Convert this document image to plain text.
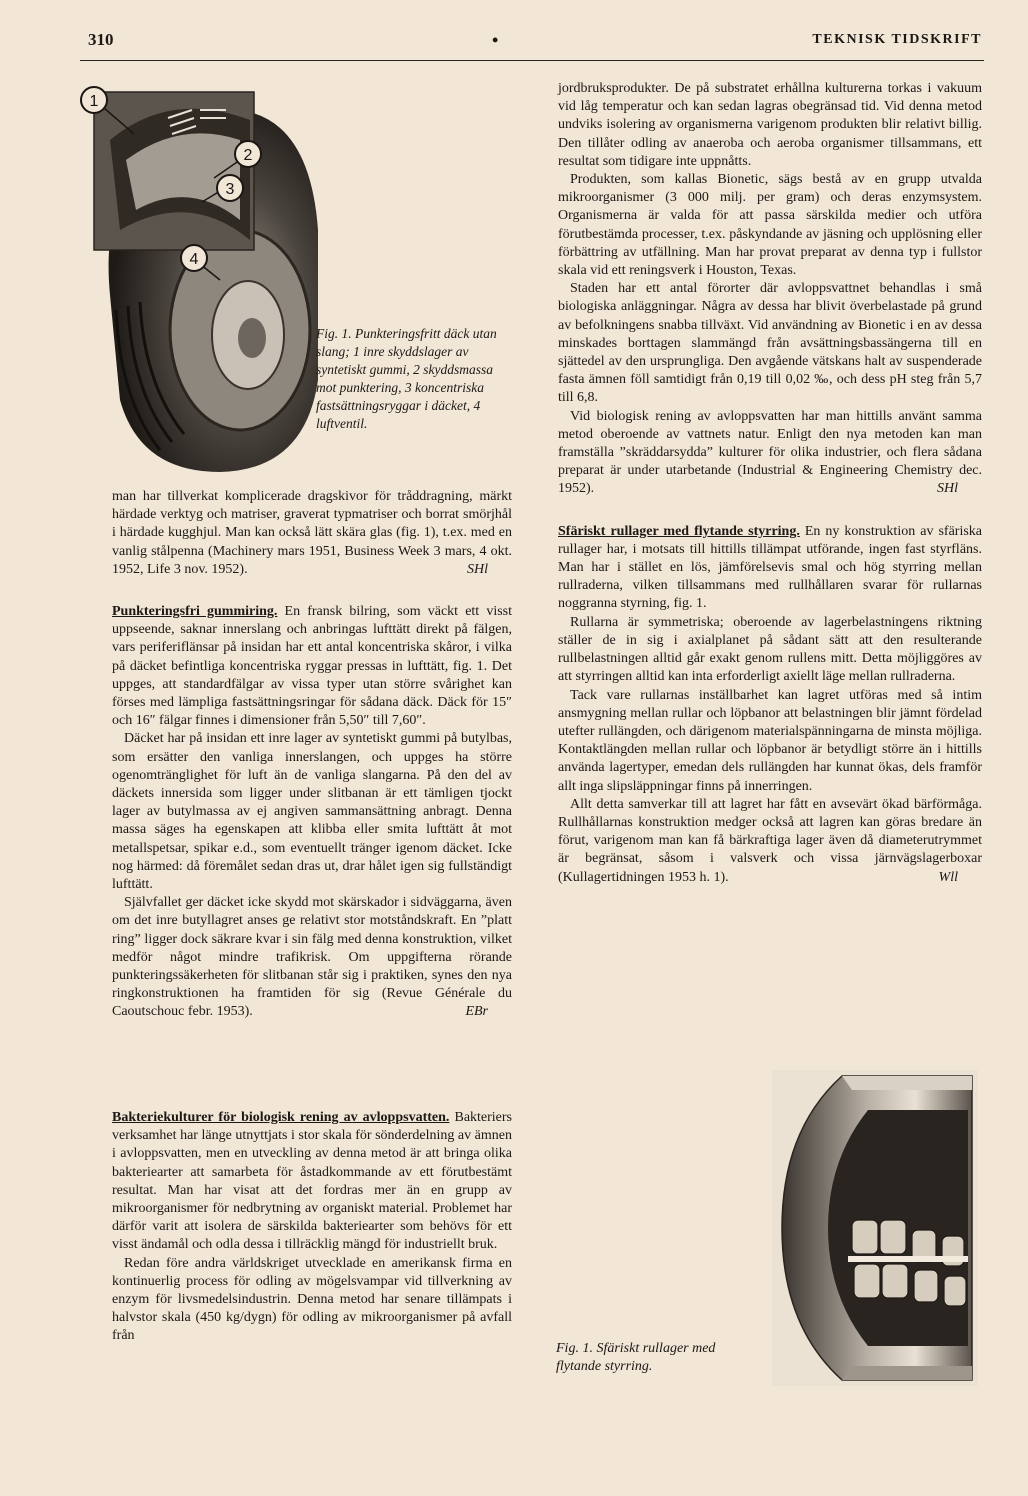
310	•	TEKNISK TIDSKRIFT
1
2
3
4
Fig. 1. Punkteringsfritt däck utan slang; 1 inre skyddslager av syntetiskt gummi, 2 skyddsmassa mot punktering, 3 koncentriska fastsättningsryggar i däcket, 4 luftventil.

man har tillverkat komplicerade dragskivor för tråddragning, märkt härdade verktyg och matriser, graverat typmatriser och borrat smörjhål i härdade kugghjul. Man kan också lätt skära glas (fig. 1), t.ex. med en vanlig stålpenna (Machinery mars 1951, Business Week 3 mars, 4 okt. 1952, Life 3 nov. 1952).	SHl

Punkteringsfri gummiring. En fransk bilring, som väckt ett visst uppseende, saknar innerslang och anbringas lufttätt direkt på fälgen, vars periferiflänsar på insidan har ett antal koncentriska skåror, i vilka på däcket befintliga koncentriska ryggar pressas in lufttätt, fig. 1. Det uppges, att standardfälgar av vissa typer utan större svårighet kan förses med lämpliga fastsättningsringar för sådana däck. Däck för 15″ och 16″ fälgar finnes i dimensioner från 5,50″ till 7,60″.

Däcket har på insidan ett inre lager av syntetiskt gummi på butylbas, som ersätter den vanliga innerslangen, och uppges ha större ogenomtränglighet för luft än de vanliga slangarna. På den del av däckets innersida som ligger under slitbanan är ett tämligen tjockt lager av butylmassa av ej angiven sammansättning anbragt. Denna massa säges ha egenskapen att klibba eller smita lufttätt åt mot metallspetsar, spikar e.d., som eventuellt tränger igenom däcket. Icke nog härmed: då föremålet sedan dras ut, drar hålet igen sig fullständigt lufttätt.

Självfallet ger däcket icke skydd mot skärskador i sidväggarna, även om det inre butyllagret anses ge relativt stor motståndskraft. En ”platt ring” ligger dock säkrare kvar i sin fälg med denna konstruktion, vilket medför något mindre trafikrisk. Om uppgifterna rörande punkteringssäkerheten för slitbanan står sig i praktiken, synes den nya ringkonstruktionen ha framtiden för sig (Revue Générale du Caoutschouc febr. 1953).	EBr

Bakteriekulturer för biologisk rening av avloppsvatten. Bakteriers verksamhet har länge utnyttjats i stor skala för sönderdelning av ämnen i avloppsvatten, men en utveckling av denna metod är att bringa olika bakteriearter att samarbeta för åstadkommande av ett förutbestämt resultat. Man har visat att det fordras mer än en grupp av mikroorganismer för nedbrytning av organiskt material. Problemet har därför varit att isolera de särskilda bakteriearter som behövs för ett visst ändamål och odla dessa i tillräcklig mängd för industriellt bruk.

Redan före andra världskriget utvecklade en amerikansk firma en kontinuerlig process för odling av mögelsvampar vid tillverkning av enzym för livsmedelsindustrin. Denna metod har senare tillämpats i halvstor skala (450 kg/dygn) för odling av mikroorganismer på avfall från

jordbruksprodukter. De på substratet erhållna kulturerna torkas i vakuum vid låg temperatur och kan sedan lagras obegränsad tid. Vid denna metod undviks isolering av organismerna varigenom produkten blir relativt billig. Den tillåter odling av anaeroba och aeroba organismer tillsammans, ett resultat som tidigare inte uppnåtts.

Produkten, som kallas Bionetic, sägs bestå av en grupp utvalda mikroorganismer (3 000 milj. per gram) och deras enzymsystem. Organismerna är valda för att passa särskilda medier och utföra förutbestämda processer, t.ex. påskyndande av jäsning och upplösning eller förbättring av utfällning. Man har provat preparat av denna typ i fullstor skala vid ett reningsverk i Houston, Texas.

Staden har ett antal förorter där avloppsvattnet behandlas i små biologiska anläggningar. Några av dessa har blivit överbelastade på grund av befolkningens snabba tillväxt. Vid användning av Bionetic i en av dessa minskades borttagen slammängd från avsättningsbassängerna till en sjättedel av den ursprungliga. Den avgående vätskans halt av suspenderade fasta ämnen föll samtidigt från 0,19 till 0,02 ‰, och dess pH steg från 5,7 till 6,8.

Vid biologisk rening av avloppsvatten har man hittills använt samma metod oberoende av vattnets natur. Enligt den nya metoden kan man framställa ”skräddarsydda” kulturer för olika industrier, och flera sådana preparat är under utarbetande (Industrial & Engineering Chemistry dec. 1952).	SHl

Sfäriskt rullager med flytande styrring. En ny konstruktion av sfäriska rullager har, i motsats till hittills tillämpat utförande, ingen fast styrfläns. Man har i stället en lös, jämförelsevis smal och hög styrring mellan rullraderna, vilken tillsammans med rullhållaren svarar för rullarnas noggranna styrning, fig. 1.

Rullarna är symmetriska; oberoende av lagerbelastningens riktning ställer de in sig i axialplanet på sådant sätt att den resulterande rullbelastningen alltid går exakt genom rullens mitt. Detta möjliggöres av att styrringen alltid kan inta erforderligt axiellt läge mellan rullraderna.

Tack vare rullarnas inställbarhet kan lagret utföras med så intim ansmygning mellan rullar och löpbanor att belastningen blir jämnt fördelad utefter rullängden, och därigenom materialspänningarna de minsta möjliga. Kontaktlängden mellan rullar och löpbanor är betydligt större än i hittills använda lagertyper, emedan dels rullängden har kunnat ökas, dels framför allt inga slipsläppningar finns på innerringen.

Allt detta samverkar till att lagret har fått en avsevärt ökad bärförmåga. Rullhållarnas konstruktion medger också att lagren kan göras bredare än förut, varigenom man kan få bärkraftiga lager även då diameterutrymmet är begränsat, såsom i valsverk och vissa järnvägslagerboxar (Kullagertidningen 1953 h. 1).	Wll

Fig. 1. Sfäriskt rullager med flytande styrring.
